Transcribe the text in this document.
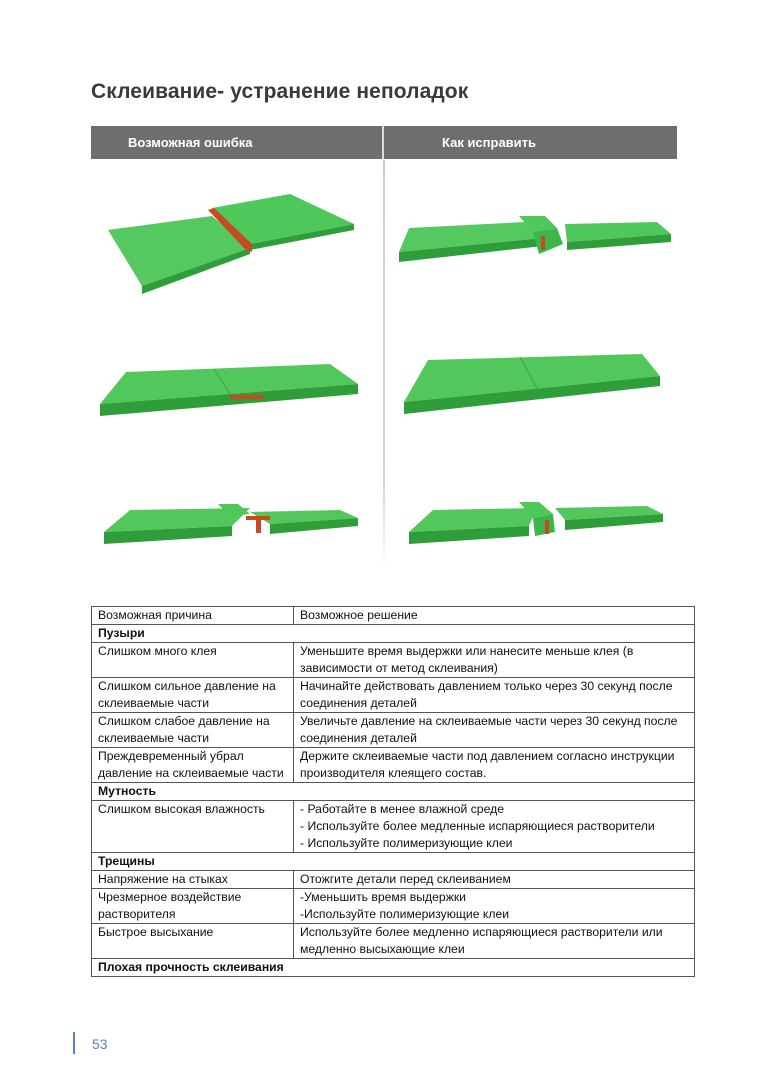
Склеивание- устранение неполадок
Возможная ошибка	Как исправить
Возможная причина	Возможное решение
Пузыри	
Слишком много клея	Уменьшите время выдержки или нанесите меньше клея (в зависимости от метод склеивания)

Слишком сильное давление на склеиваемые части	Начинайте действовать давлением только через 30 секунд после соединения деталей

Слишком слабое давление на склеиваемые части	Увеличьте давление на склеиваемые части через 30 секунд после соединения деталей

Преждевременный убрал давление на склеиваемые части	Держите склеиваемые части под давлением согласно инструкции производителя клеящего состав.

Мутность	
Слишком высокая влажность	- Работайте в менее влажной среде
- Используйте более медленные испаряющиеся растворители
- Используйте полимеризующие клеи

Трещины	
Напряжение на стыках	Отожгите детали перед склеиванием

Чрезмерное воздействие растворителя	-Уменьшить время выдержки
-Используйте полимеризующие клеи

Быстрое высыхание	Используйте более медленно испаряющиеся растворители или медленно высыхающие клеи

Плохая прочность склеивания	
53
